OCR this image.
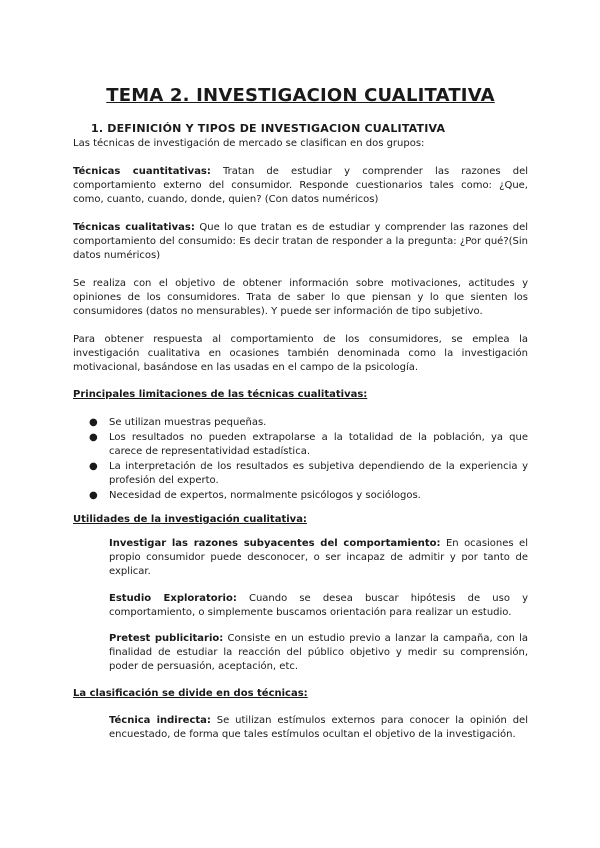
TEMA 2. INVESTIGACION CUALITATIVA
1. DEFINICIÓN Y TIPOS DE INVESTIGACION CUALITATIVA

Las técnicas de investigación de mercado se clasifican en dos grupos:

Técnicas cuantitativas: Tratan de estudiar y comprender las razones del comportamiento externo del consumidor. Responde cuestionarios tales como: ¿Que, como, cuanto, cuando, donde, quien? (Con datos numéricos)

Técnicas cualitativas: Que lo que tratan es de estudiar y comprender las razones del comportamiento del consumido: Es decir tratan de responder a la pregunta: ¿Por qué?(Sin datos numéricos)

Se realiza con el objetivo de obtener información sobre motivaciones, actitudes y opiniones de los consumidores. Trata de saber lo que piensan y lo que sienten los consumidores (datos no mensurables). Y puede ser información de tipo subjetivo.

Para obtener respuesta al comportamiento de los consumidores, se emplea la investigación cualitativa en ocasiones también denominada como la investigación motivacional, basándose en las usadas en el campo de la psicología.

Principales limitaciones de las técnicas cualitativas:

● Se utilizan muestras pequeñas.
● Los resultados no pueden extrapolarse a la totalidad de la población, ya que carece de representatividad estadística.
● La interpretación de los resultados es subjetiva dependiendo de la experiencia y profesión del experto.
● Necesidad de expertos, normalmente psicólogos y sociólogos.

Utilidades de la investigación cualitativa:

Investigar las razones subyacentes del comportamiento: En ocasiones el propio consumidor puede desconocer, o ser incapaz de admitir y por tanto de explicar.

Estudio Exploratorio: Cuando se desea buscar hipótesis de uso y comportamiento, o simplemente buscamos orientación para realizar un estudio.

Pretest publicitario: Consiste en un estudio previo a lanzar la campaña, con la finalidad de estudiar la reacción del público objetivo y medir su comprensión, poder de persuasión, aceptación, etc.

La clasificación se divide en dos técnicas:

Técnica indirecta: Se utilizan estímulos externos para conocer la opinión del encuestado, de forma que tales estímulos ocultan el objetivo de la investigación.
